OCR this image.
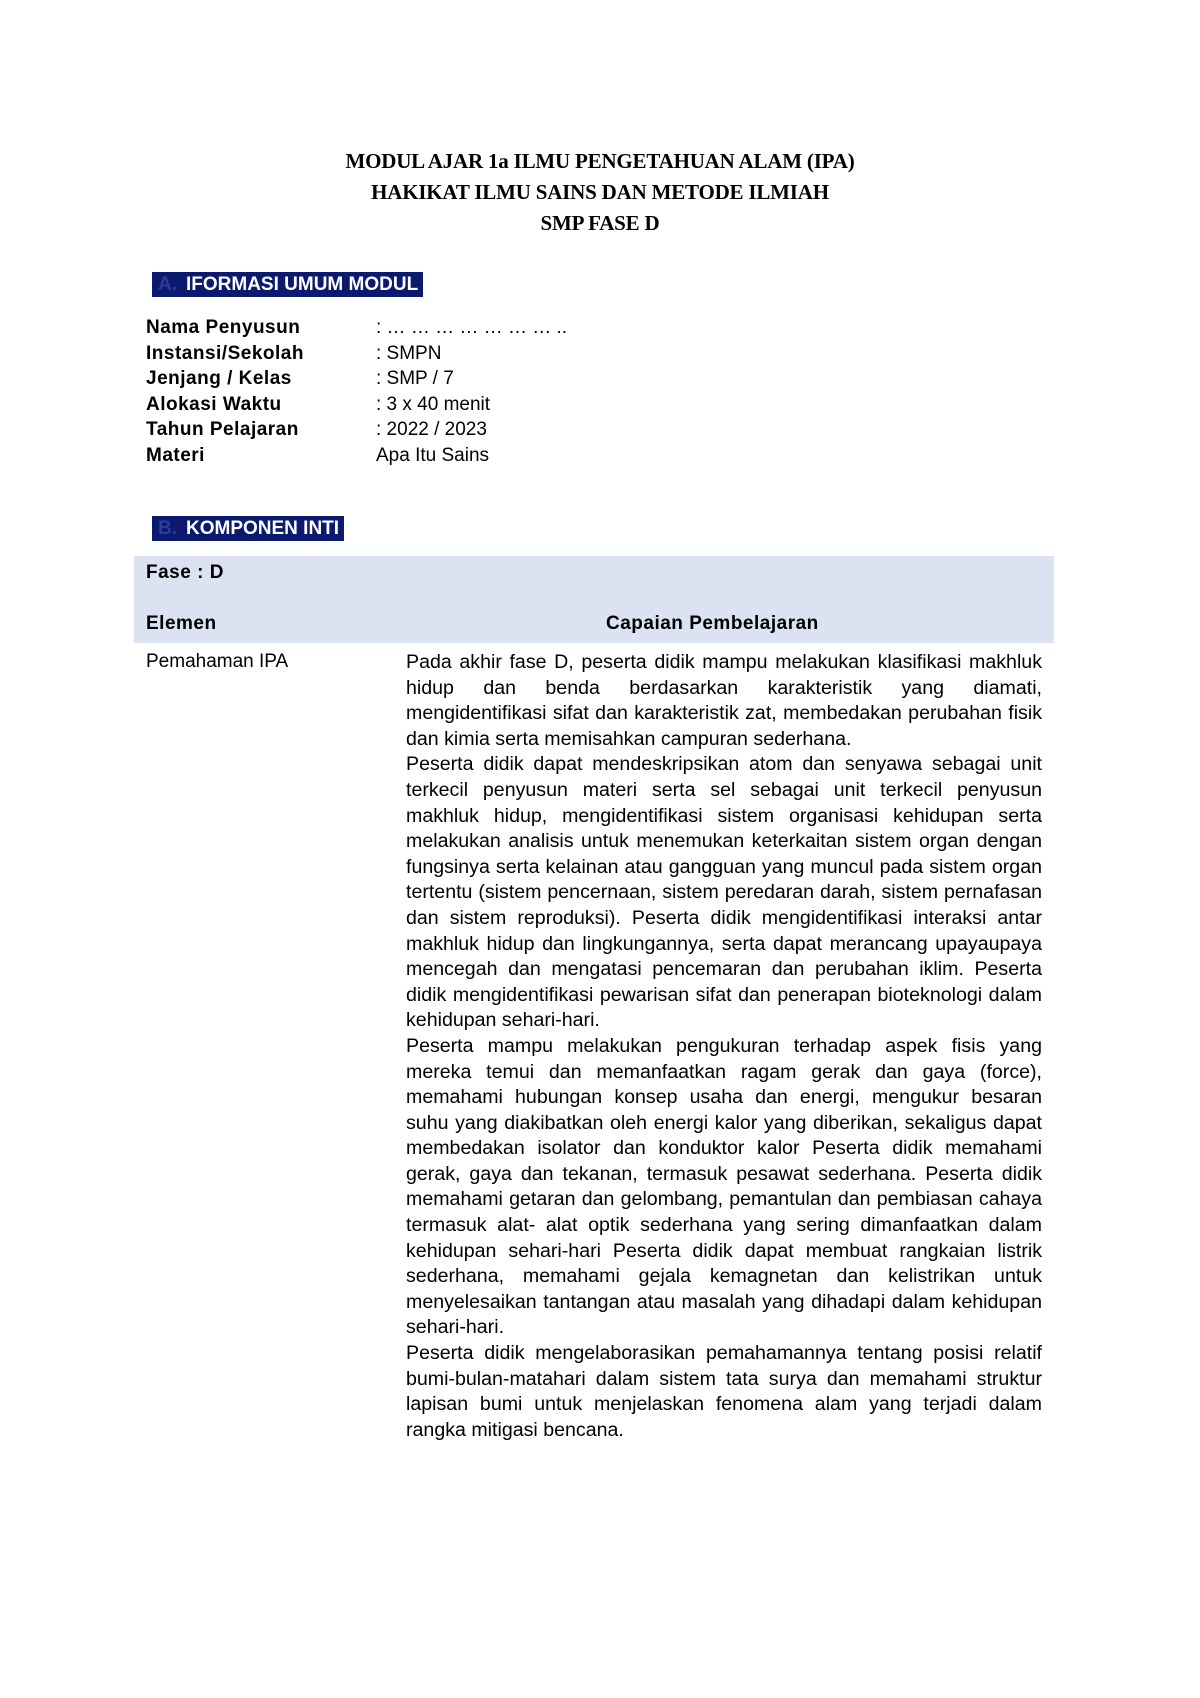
MODUL AJAR 1a ILMU PENGETAHUAN ALAM (IPA)
HAKIKAT ILMU SAINS DAN METODE ILMIAH
SMP FASE D
A. IFORMASI UMUM MODUL
Nama Penyusun	: … … … … … … … ..
Instansi/Sekolah	: SMPN
Jenjang / Kelas	: SMP / 7
Alokasi Waktu	: 3 x 40 menit
Tahun Pelajaran	: 2022 / 2023
Materi	Apa Itu Sains
B. KOMPONEN INTI
Fase : D
Elemen	Capaian Pembelajaran
Pemahaman IPA	Pada akhir fase D, peserta didik mampu melakukan klasifikasi makhluk hidup dan benda berdasarkan karakteristik yang diamati, mengidentifikasi sifat dan karakteristik zat, membedakan perubahan fisik dan kimia serta memisahkan campuran sederhana.

Peserta didik dapat mendeskripsikan atom dan senyawa sebagai unit terkecil penyusun materi serta sel sebagai unit terkecil penyusun makhluk hidup, mengidentifikasi sistem organisasi kehidupan serta melakukan analisis untuk menemukan keterkaitan sistem organ dengan fungsinya serta kelainan atau gangguan yang muncul pada sistem organ tertentu (sistem pencernaan, sistem peredaran darah, sistem pernafasan dan sistem reproduksi). Peserta didik mengidentifikasi interaksi antar makhluk hidup dan lingkungannya, serta dapat merancang upayaupaya mencegah dan mengatasi pencemaran dan perubahan iklim. Peserta didik mengidentifikasi pewarisan sifat dan penerapan bioteknologi dalam kehidupan sehari-hari.

Peserta mampu melakukan pengukuran terhadap aspek fisis yang mereka temui dan memanfaatkan ragam gerak dan gaya (force), memahami hubungan konsep usaha dan energi, mengukur besaran suhu yang diakibatkan oleh energi kalor yang diberikan, sekaligus dapat membedakan isolator dan konduktor kalor Peserta didik memahami gerak, gaya dan tekanan, termasuk pesawat sederhana. Peserta didik memahami getaran dan gelombang, pemantulan dan pembiasan cahaya termasuk alat- alat optik sederhana yang sering dimanfaatkan dalam kehidupan sehari-hari Peserta didik dapat membuat rangkaian listrik sederhana, memahami gejala kemagnetan dan kelistrikan untuk menyelesaikan tantangan atau masalah yang dihadapi dalam kehidupan sehari-hari.

Peserta didik mengelaborasikan pemahamannya tentang posisi relatif bumi-bulan-matahari dalam sistem tata surya dan memahami struktur lapisan bumi untuk menjelaskan fenomena alam yang terjadi dalam rangka mitigasi bencana.
